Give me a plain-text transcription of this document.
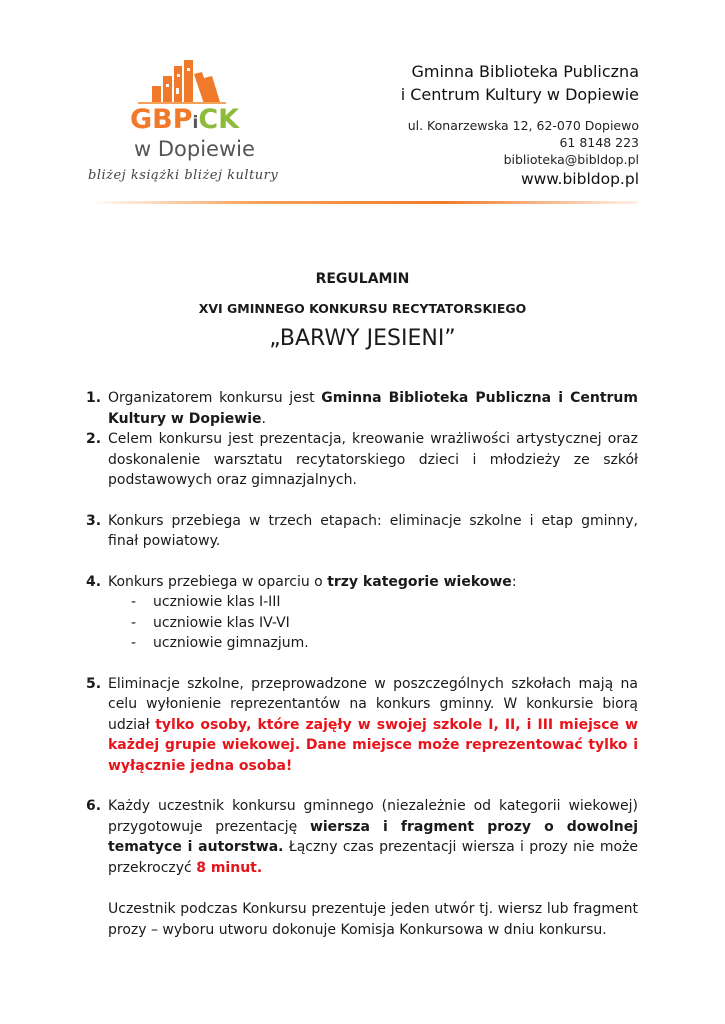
GBPiCK
w Dopiewie
bliżej książki bliżej kultury
Gminna Biblioteka Publiczna
i Centrum Kultury w Dopiewie
ul. Konarzewska 12, 62-070 Dopiewo
61 8148 223
biblioteka@bibldop.pl
www.bibldop.pl
REGULAMIN
XVI GMINNEGO KONKURSU RECYTATORSKIEGO
„BARWY JESIENI”
1. Organizatorem konkursu jest Gminna Biblioteka Publiczna i Centrum Kultury w Dopiewie.
2. Celem konkursu jest prezentacja, kreowanie wrażliwości artystycznej oraz doskonalenie warsztatu recytatorskiego dzieci i młodzieży ze szkół podstawowych oraz gimnazjalnych.
3. Konkurs przebiega w trzech etapach: eliminacje szkolne i etap gminny, finał powiatowy.
4. Konkurs przebiega w oparciu o trzy kategorie wiekowe:
- uczniowie klas I-III
- uczniowie klas IV-VI
- uczniowie gimnazjum.
5. Eliminacje szkolne, przeprowadzone w poszczególnych szkołach mają na celu wyłonienie reprezentantów na konkurs gminny. W konkursie biorą udział tylko osoby, które zajęły w swojej szkole I, II, i III miejsce w każdej grupie wiekowej. Dane miejsce może reprezentować tylko i wyłącznie jedna osoba!
6. Każdy uczestnik konkursu gminnego (niezależnie od kategorii wiekowej) przygotowuje prezentację wiersza i fragment prozy o dowolnej tematyce i autorstwa. Łączny czas prezentacji wiersza i prozy nie może przekroczyć 8 minut.
Uczestnik podczas Konkursu prezentuje jeden utwór tj. wiersz lub fragment prozy – wyboru utworu dokonuje Komisja Konkursowa w dniu konkursu.
